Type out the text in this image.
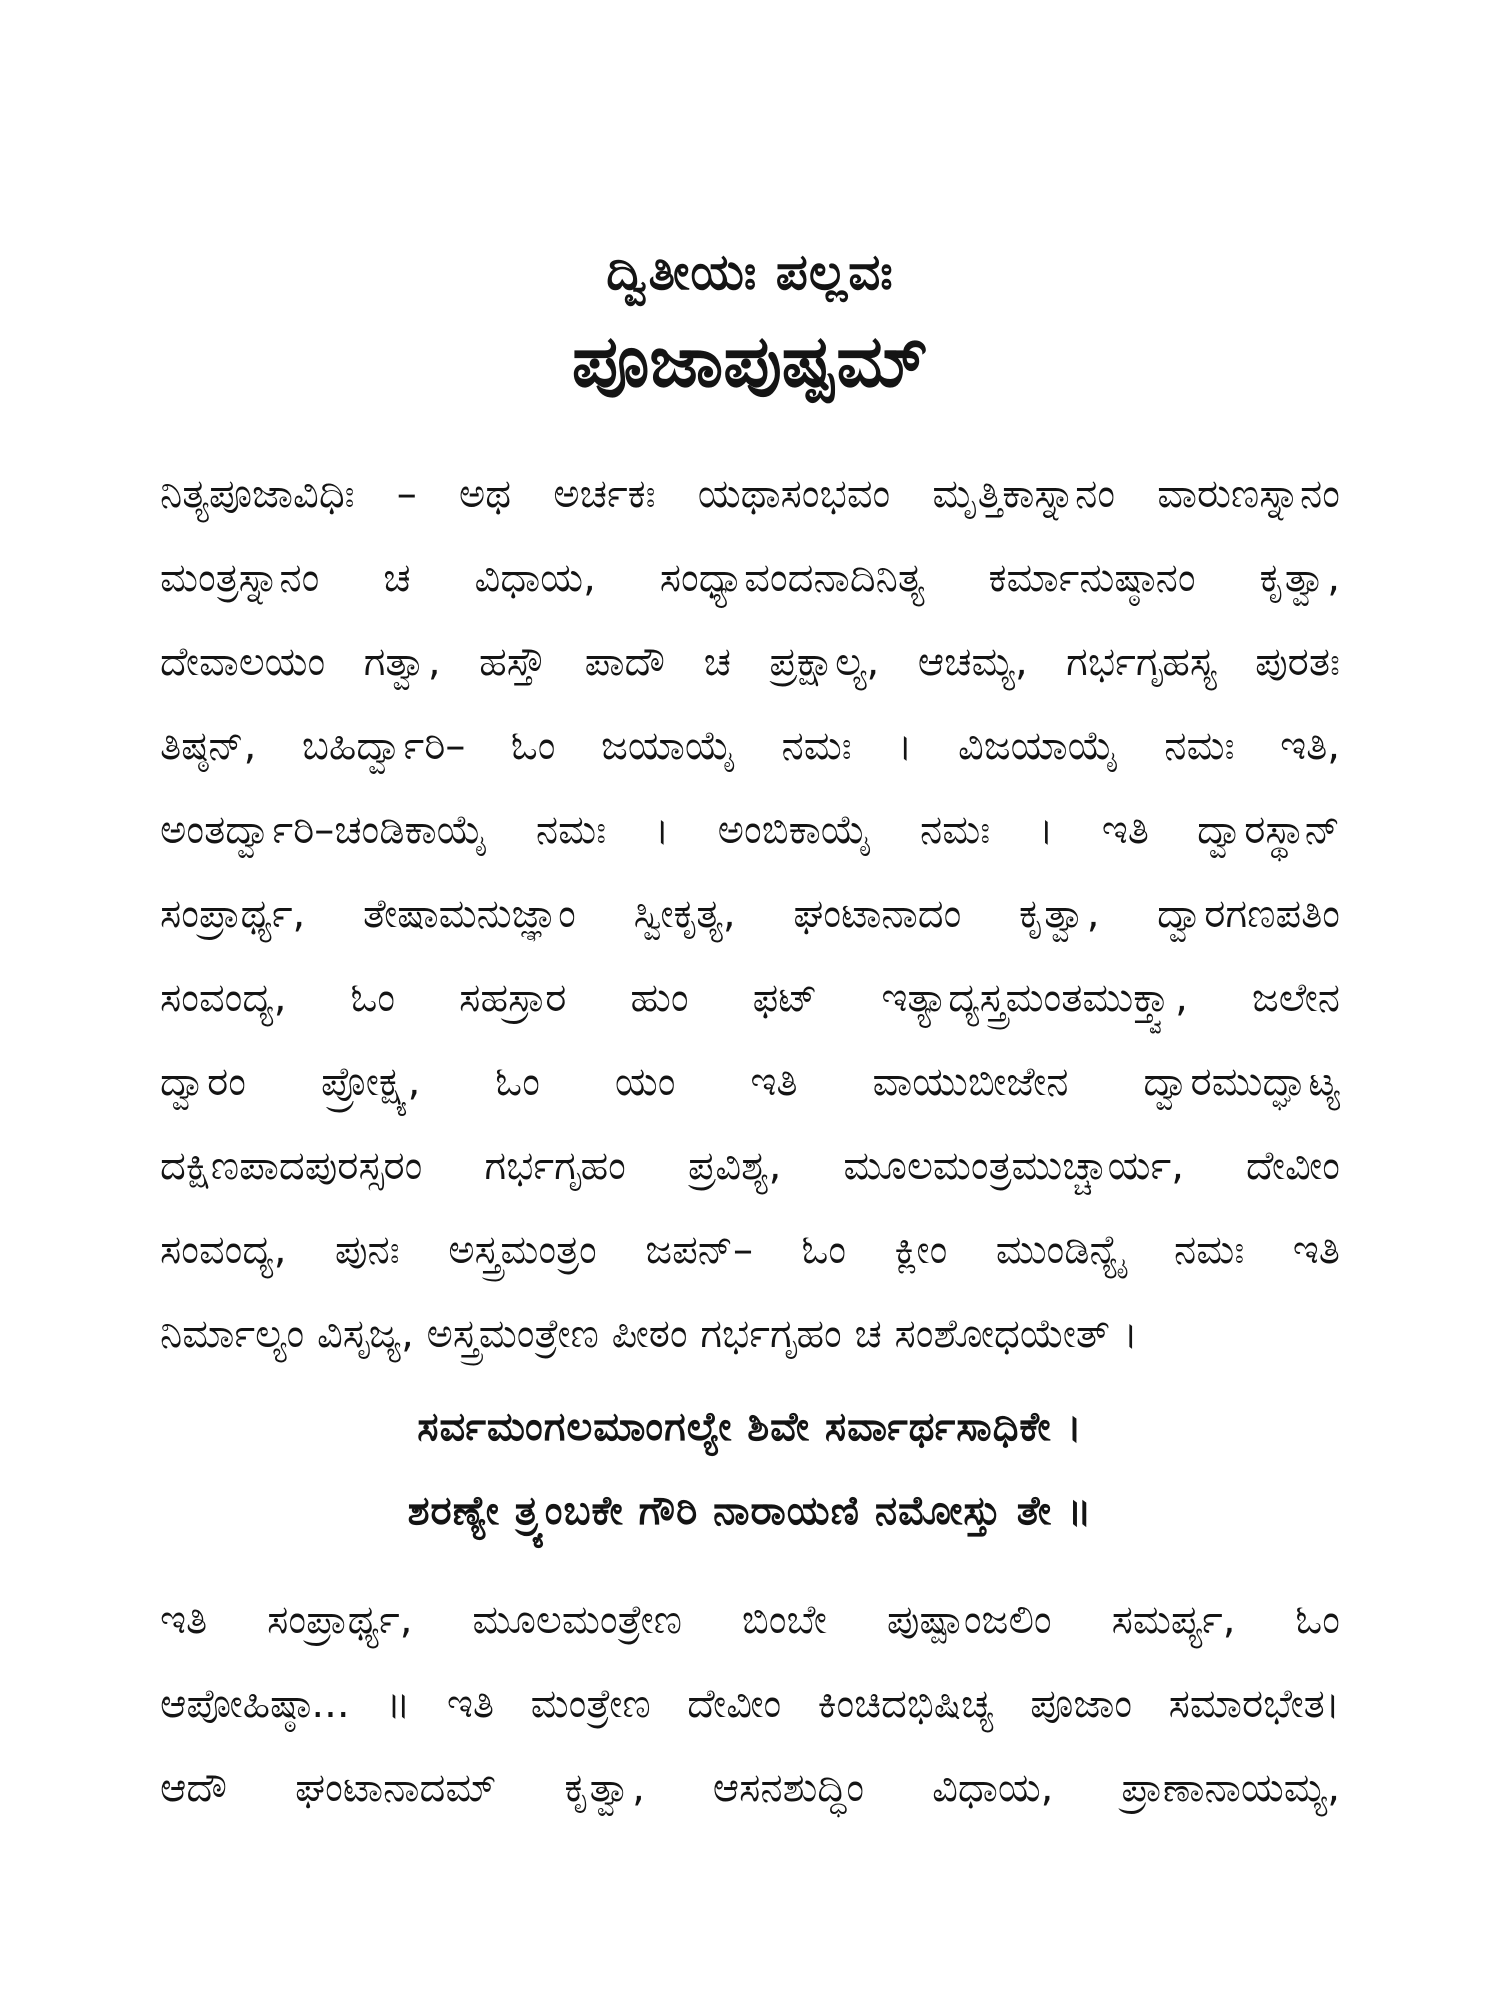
ದ್ವಿತೀಯಃ ಪಲ್ಲವಃ
ಪೂಜಾಪುಷ್ಪಮ್
ನಿತ್ಯಪೂಜಾವಿಧಿಃ – ಅಥ ಅರ್ಚಕಃ ಯಥಾಸಂಭವಂ ಮೃತ್ತಿಕಾಸ್ನಾನಂ ವಾರುಣಸ್ನಾನಂ
ಮಂತ್ರಸ್ನಾನಂ ಚ ವಿಧಾಯ, ಸಂಧ್ಯಾವಂದನಾದಿನಿತ್ಯ ಕರ್ಮಾನುಷ್ಠಾನಂ ಕೃತ್ವಾ,
ದೇವಾಲಯಂ ಗತ್ವಾ, ಹಸ್ತೌ ಪಾದೌ ಚ ಪ್ರಕ್ಷಾಲ್ಯ, ಆಚಮ್ಯ, ಗರ್ಭಗೃಹಸ್ಯ ಪುರತಃ
ತಿಷ್ಠನ್, ಬಹಿರ್ದ್ವಾರಿ– ಓಂ ಜಯಾಯೈ ನಮಃ । ವಿಜಯಾಯೈ ನಮಃ ಇತಿ,
ಅಂತರ್ದ್ವಾರಿ–ಚಂಡಿಕಾಯೈ ನಮಃ । ಅಂಬಿಕಾಯೈ ನಮಃ । ಇತಿ ದ್ವಾರಸ್ಥಾನ್
ಸಂಪ್ರಾರ್ಥ್ಯ, ತೇಷಾಮನುಜ್ಞಾಂ ಸ್ವೀಕೃತ್ಯ, ಘಂಟಾನಾದಂ ಕೃತ್ವಾ, ದ್ವಾರಗಣಪತಿಂ
ಸಂವಂದ್ಯ, ಓಂ ಸಹಸ್ರಾರ ಹುಂ ಫಟ್ ಇತ್ಯಾದ್ಯಸ್ತ್ರಮಂತಮುಕ್ತ್ವಾ, ಜಲೇನ
ದ್ವಾರಂ ಪ್ರೋಕ್ಷ್ಯ, ಓಂ ಯಂ ಇತಿ ವಾಯುಬೀಜೇನ ದ್ವಾರಮುದ್ಘಾಟ್ಯ
ದಕ್ಷಿಣಪಾದಪುರಸ್ಸರಂ ಗರ್ಭಗೃಹಂ ಪ್ರವಿಶ್ಯ, ಮೂಲಮಂತ್ರಮುಚ್ಚಾರ್ಯ, ದೇವೀಂ
ಸಂವಂದ್ಯ, ಪುನಃ ಅಸ್ತ್ರಮಂತ್ರಂ ಜಪನ್– ಓಂ ಕ್ಲೀಂ ಮುಂಡಿನ್ಯೈ ನಮಃ ಇತಿ
ನಿರ್ಮಾಲ್ಯಂ ವಿಸೃಜ್ಯ, ಅಸ್ತ್ರಮಂತ್ರೇಣ ಪೀಠಂ ಗರ್ಭಗೃಹಂ ಚ ಸಂಶೋಧಯೇತ್ ।
ಸರ್ವಮಂಗಲಮಾಂಗಲ್ಯೇ ಶಿವೇ ಸರ್ವಾರ್ಥಸಾಧಿಕೇ ।
ಶರಣ್ಯೇ ತ್ರ್ಯಂಬಕೇ ಗೌರಿ ನಾರಾಯಣಿ ನಮೋಸ್ತು ತೇ ॥
ಇತಿ ಸಂಪ್ರಾರ್ಥ್ಯ, ಮೂಲಮಂತ್ರೇಣ ಬಿಂಬೇ ಪುಷ್ಪಾಂಜಲಿಂ ಸಮರ್ಪ್ಯ, ಓಂ
ಆಪೋಹಿಷ್ಠಾ... ॥ ಇತಿ ಮಂತ್ರೇಣ ದೇವೀಂ ಕಿಂಚಿದಭಿಷಿಚ್ಯ ಪೂಜಾಂ ಸಮಾರಭೇತ।
ಆದೌ ಘಂಟಾನಾದಮ್ ಕೃತ್ವಾ, ಆಸನಶುದ್ಧಿಂ ವಿಧಾಯ, ಪ್ರಾಣಾನಾಯಮ್ಯ,
